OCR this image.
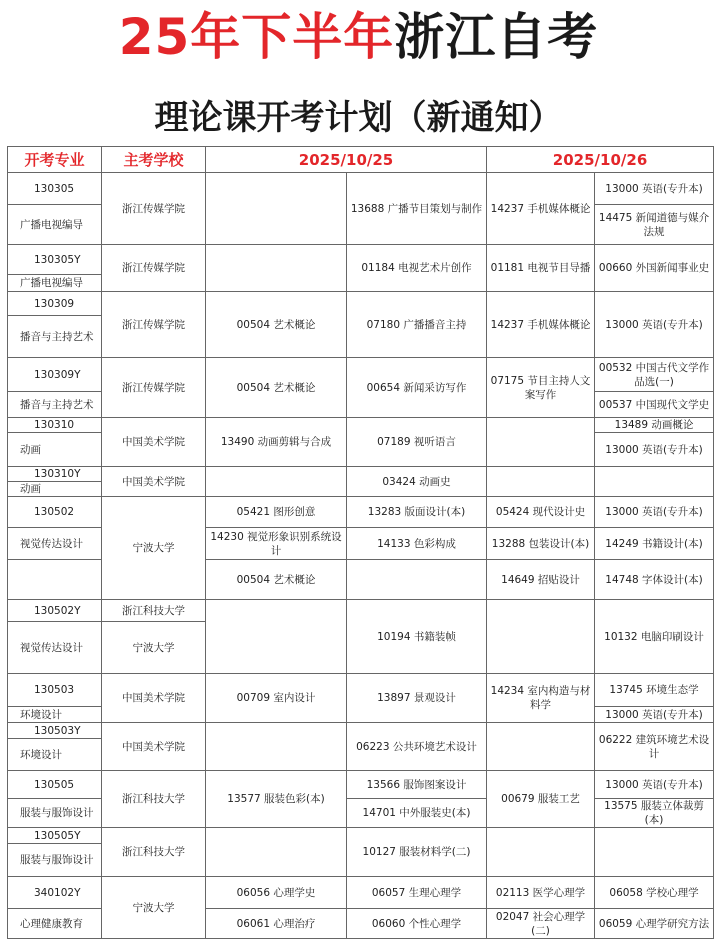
25年下半年浙江自考
理论课开考计划（新通知）
开考专业	主考学校	2025/10/25		2025/10/26	
130305	浙江传媒学院		13688 广播节目策划与制作	14237 手机媒体概论	13000 英语(专升本)
广播电视编导					14475 新闻道德与媒介法规
130305Y	浙江传媒学院		01184 电视艺术片创作	01181 电视节目导播	00660 外国新闻事业史
广播电视编导					
130309	浙江传媒学院	00504 艺术概论	07180 广播播音主持	14237 手机媒体概论	13000 英语(专升本)
播音与主持艺术					
130309Y	浙江传媒学院	00504 艺术概论	00654 新闻采访写作	07175 节目主持人文案写作	00532 中国古代文学作品选(一)
播音与主持艺术					00537 中国现代文学史
130310	中国美术学院	13490 动画剪辑与合成	07189 视听语言		13489 动画概论
动画					13000 英语(专升本)
130310Y	中国美术学院		03424 动画史		
动画					
130502	宁波大学	05421 图形创意	13283 版面设计(本)	05424 现代设计史	13000 英语(专升本)
视觉传达设计		14230 视觉形象识别系统设计	14133 色彩构成	13288 包装设计(本)	14249 书籍设计(本)
		00504 艺术概论		14649 招贴设计	14748 字体设计(本)
130502Y	浙江科技大学		10194 书籍装帧		10132 电脑印刷设计
视觉传达设计	宁波大学				
130503	中国美术学院	00709 室内设计	13897 景观设计	14234 室内构造与材料学	13745 环境生态学
环境设计					13000 英语(专升本)
130503Y	中国美术学院		06223 公共环境艺术设计		06222 建筑环境艺术设计
环境设计					
130505	浙江科技大学	13577 服装色彩(本)	13566 服饰图案设计	00679 服装工艺	13000 英语(专升本)
服装与服饰设计			14701 中外服装史(本)		13575 服装立体裁剪(本)
130505Y	浙江科技大学		10127 服装材料学(二)		
服装与服饰设计					
340102Y	宁波大学	06056 心理学史	06057 生理心理学	02113 医学心理学	06058 学校心理学
心理健康教育		06061 心理治疗	06060 个性心理学	02047 社会心理学(二)	06059 心理学研究方法
